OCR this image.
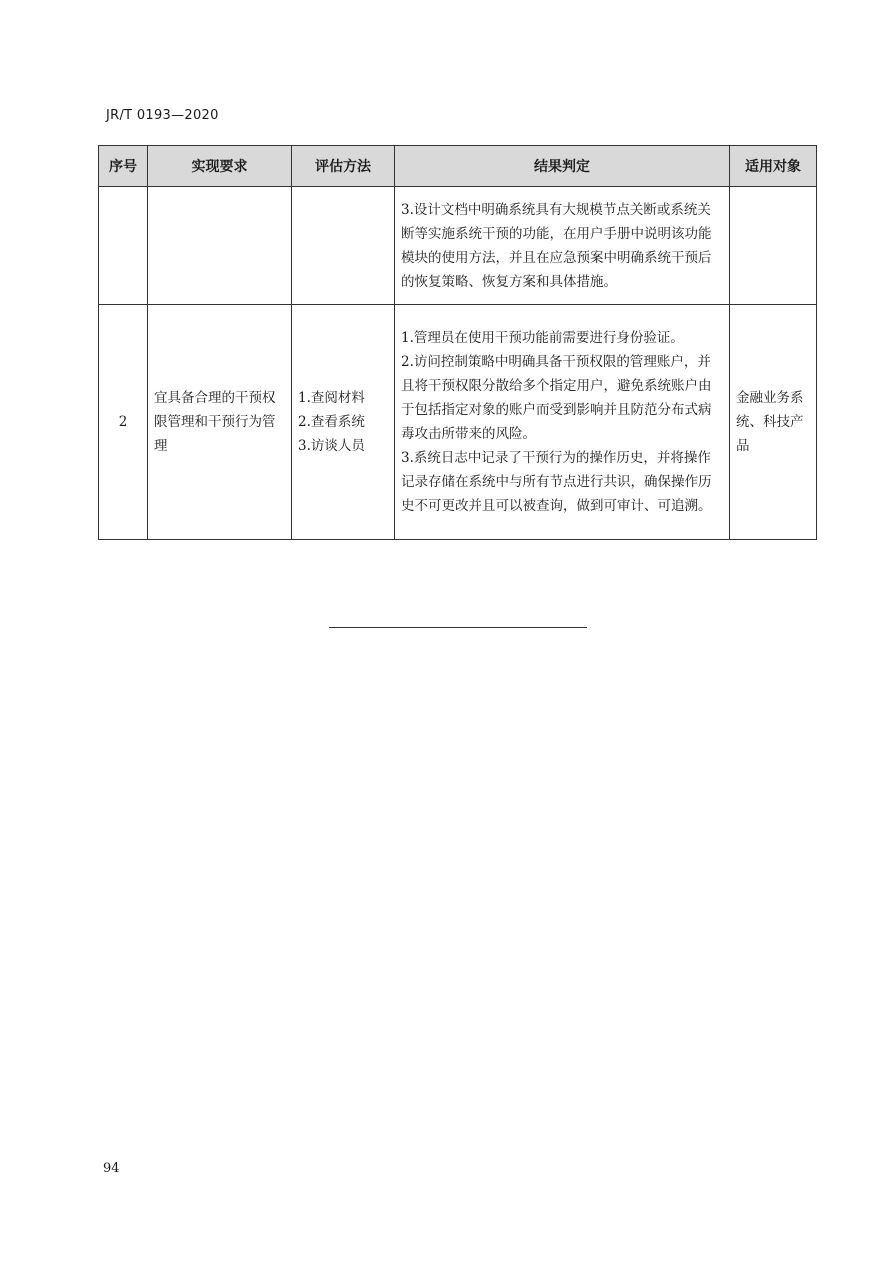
JR/T 0193—2020
序号	实现要求	评估方法	结果判定	适用对象

			3.设计文档中明确系统具有大规模节点关断或系统关断等实施系统干预的功能，在用户手册中说明该功能模块的使用方法，并且在应急预案中明确系统干预后的恢复策略、恢复方案和具体措施。	

2	宜具备合理的干预权限管理和干预行为管理	1.查阅材料
2.查看系统
3.访谈人员	1.管理员在使用干预功能前需要进行身份验证。
2.访问控制策略中明确具备干预权限的管理账户，并且将干预权限分散给多个指定用户，避免系统账户由于包括指定对象的账户而受到影响并且防范分布式病毒攻击所带来的风险。
3.系统日志中记录了干预行为的操作历史，并将操作记录存储在系统中与所有节点进行共识，确保操作历史不可更改并且可以被查询，做到可审计、可追溯。	金融业务系统、科技产品
94
